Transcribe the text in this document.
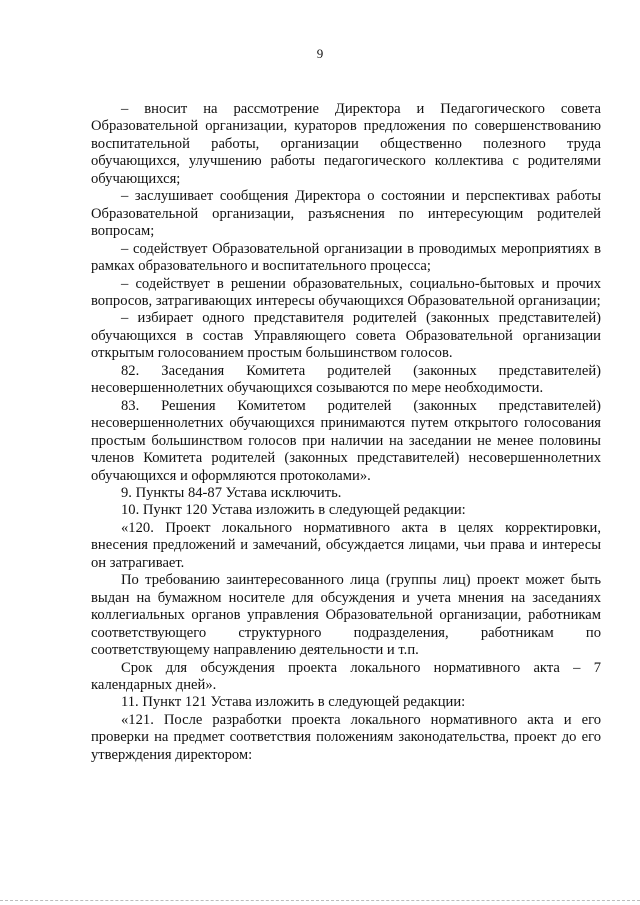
9

– вносит на рассмотрение Директора и Педагогического совета Образовательной организации, кураторов предложения по совершенствованию воспитательной работы, организации общественно полезного труда обучающихся, улучшению работы педагогического коллектива с родителями обучающихся;

– заслушивает сообщения Директора о состоянии и перспективах работы Образовательной организации, разъяснения по интересующим родителей вопросам;

– содействует Образовательной организации в проводимых мероприятиях в рамках образовательного и воспитательного процесса;

– содействует в решении образовательных, социально-бытовых и прочих вопросов, затрагивающих интересы обучающихся Образовательной организации;

– избирает одного представителя родителей (законных представителей) обучающихся в состав Управляющего совета Образовательной организации открытым голосованием простым большинством голосов.

82. Заседания Комитета родителей (законных представителей) несовершеннолетних обучающихся созываются по мере необходимости.

83. Решения Комитетом родителей (законных представителей) несовершеннолетних обучающихся принимаются путем открытого голосования простым большинством голосов при наличии на заседании не менее половины членов Комитета родителей (законных представителей) несовершеннолетних обучающихся и оформляются протоколами».

9. Пункты 84-87 Устава исключить.

10. Пункт 120 Устава изложить в следующей редакции:

«120. Проект локального нормативного акта в целях корректировки, внесения предложений и замечаний, обсуждается лицами, чьи права и интересы он затрагивает.

По требованию заинтересованного лица (группы лиц) проект может быть выдан на бумажном носителе для обсуждения и учета мнения на заседаниях коллегиальных органов управления Образовательной организации, работникам соответствующего структурного подразделения, работникам по соответствующему направлению деятельности и т.п.

Срок для обсуждения проекта локального нормативного акта – 7 календарных дней».

11. Пункт 121 Устава изложить в следующей редакции:

«121. После разработки проекта локального нормативного акта и его проверки на предмет соответствия положениям законодательства, проект до его утверждения директором:
